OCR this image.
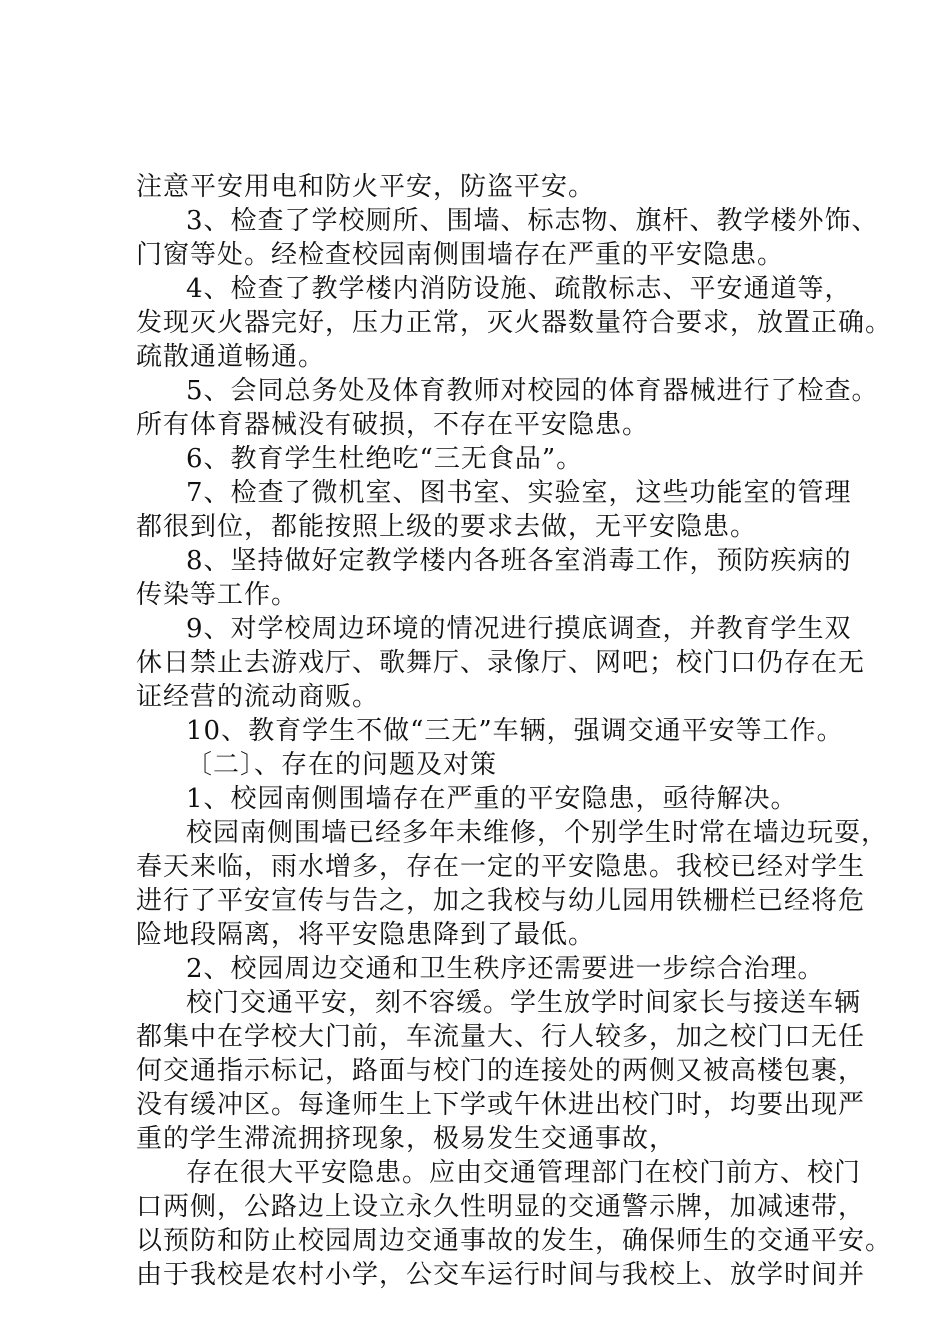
注意平安用电和防火平安，防盗平安。
3、检查了学校厕所、围墙、标志物、旗杆、教学楼外饰、
门窗等处。经检查校园南侧围墙存在严重的平安隐患。
4、检查了教学楼内消防设施、疏散标志、平安通道等，
发现灭火器完好，压力正常，灭火器数量符合要求，放置正确。
疏散通道畅通。
5、会同总务处及体育教师对校园的体育器械进行了检查。
所有体育器械没有破损，不存在平安隐患。
6、教育学生杜绝吃“三无食品”。
7、检查了微机室、图书室、实验室，这些功能室的管理
都很到位，都能按照上级的要求去做，无平安隐患。
8、坚持做好定教学楼内各班各室消毒工作，预防疾病的
传染等工作。
9、对学校周边环境的情况进行摸底调查，并教育学生双
休日禁止去游戏厅、歌舞厅、录像厅、网吧；校门口仍存在无
证经营的流动商贩。
10、教育学生不做“三无”车辆，强调交通平安等工作。
〔二〕、存在的问题及对策
1、校园南侧围墙存在严重的平安隐患，亟待解决。
校园南侧围墙已经多年未维修，个别学生时常在墙边玩耍，
春天来临，雨水增多，存在一定的平安隐患。我校已经对学生
进行了平安宣传与告之，加之我校与幼儿园用铁栅栏已经将危
险地段隔离，将平安隐患降到了最低。
2、校园周边交通和卫生秩序还需要进一步综合治理。
校门交通平安，刻不容缓。学生放学时间家长与接送车辆
都集中在学校大门前，车流量大、行人较多，加之校门口无任
何交通指示标记，路面与校门的连接处的两侧又被高楼包裹，
没有缓冲区。每逢师生上下学或午休进出校门时，均要出现严
重的学生滞流拥挤现象，极易发生交通事故，
存在很大平安隐患。应由交通管理部门在校门前方、校门
口两侧，公路边上设立永久性明显的交通警示牌，加减速带，
以预防和防止校园周边交通事故的发生，确保师生的交通平安。
由于我校是农村小学，公交车运行时间与我校上、放学时间并
